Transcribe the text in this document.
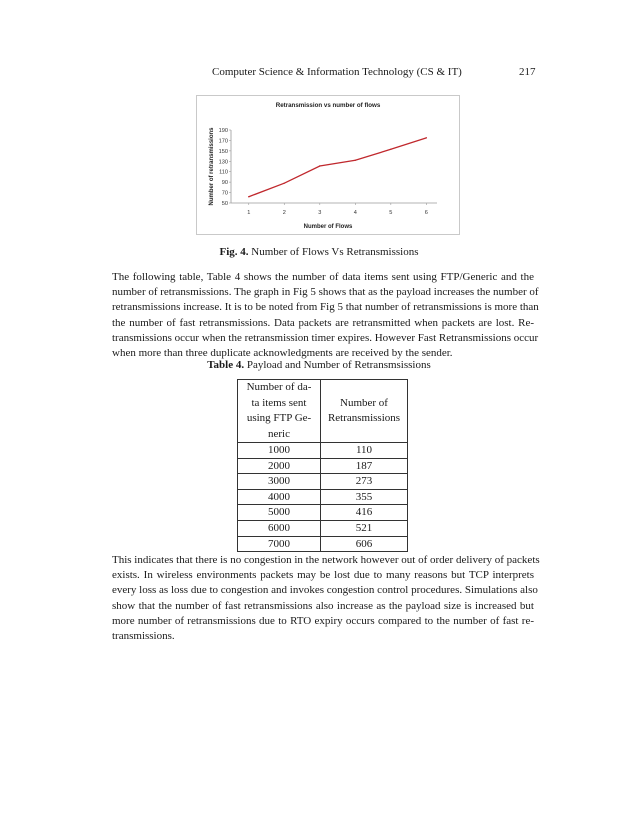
Computer Science & Information Technology (CS & IT)	217
Retransmission vs number of flows
50
70
90
110
130
150
170
190
1	2	3	4	5	6
Number of Flows
Number of retransmissions
Fig. 4. Number of Flows Vs Retransmissions
The following table, Table 4 shows the number of data items sent using FTP/Generic and the
number of retransmissions. The graph in Fig 5 shows that as the payload increases the number of
retransmissions increase. It is to be noted from Fig 5 that number of retransmissions is more than
the number of fast retransmissions. Data packets are retransmitted when packets are lost. Re-
transmissions occur when the retransmission timer expires. However Fast Retransmissions occur
when more than three duplicate acknowledgments are received by the sender.
Table 4. Payload and Number of Retransmsissions
Number of da-
ta items sent
using FTP Ge-
neric	Number of
Retransmissions

1000	110
2000	187
3000	273
4000	355
5000	416
6000	521
7000	606
This indicates that there is no congestion in the network however out of order delivery of packets
exists. In wireless environments packets may be lost due to many reasons but TCP interprets
every loss as loss due to congestion and invokes congestion control procedures. Simulations also
show that the number of fast retransmissions also increase as the payload size is increased but
more number of retransmissions due to RTO expiry occurs compared to the number of fast re-
transmissions.
